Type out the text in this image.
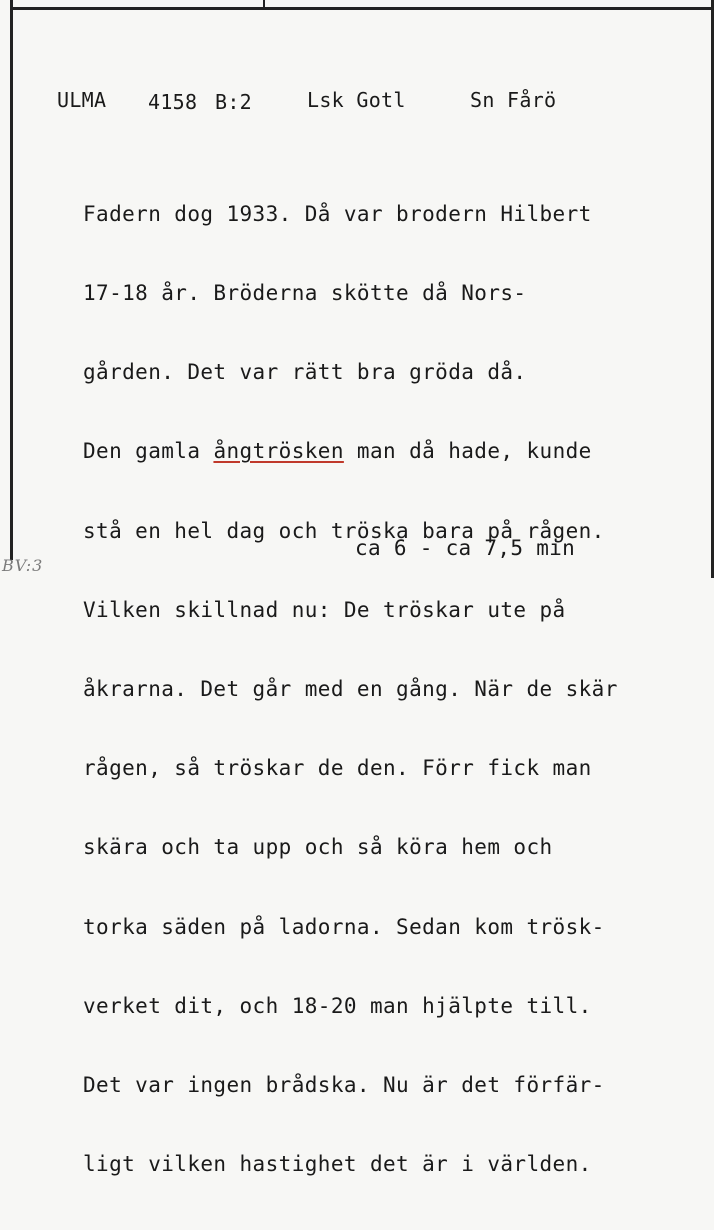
ULMA 4158 B:2	Lsk Gotl	Sn Fårö

Fadern dog 1933. Då var brodern Hilbert

17-18 år. Bröderna skötte då Nors-

gården. Det var rätt bra gröda då.

Den gamla ångtrösken man då hade, kunde

stå en hel dag och tröska bara på rågen.

Vilken skillnad nu: De tröskar ute på

åkrarna. Det går med en gång. När de skär

rågen, så tröskar de den. Förr fick man

skära och ta upp och så köra hem och

torka säden på ladorna. Sedan kom trösk-

verket dit, och 18-20 man hjälpte till.

Det var ingen brådska. Nu är det förfär-

ligt vilken hastighet det är i världen.

ca 6 - ca 7,5 min
BV:3
